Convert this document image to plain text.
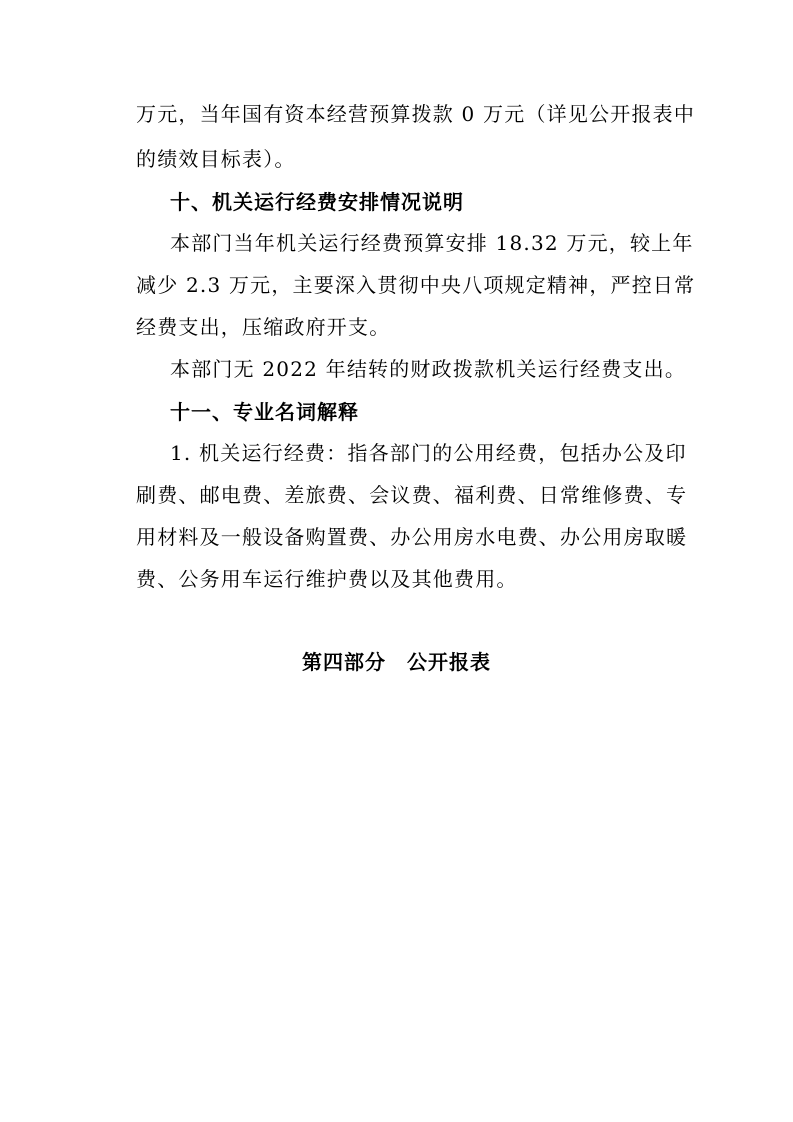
万元，当年国有资本经营预算拨款 0 万元（详见公开报表中
的绩效目标表）。
十、机关运行经费安排情况说明
本部门当年机关运行经费预算安排 18.32 万元，较上年
减少 2.3 万元，主要深入贯彻中央八项规定精神，严控日常
经费支出，压缩政府开支。
本部门无 2022 年结转的财政拨款机关运行经费支出。
十一、专业名词解释
1. 机关运行经费：指各部门的公用经费，包括办公及印
刷费、邮电费、差旅费、会议费、福利费、日常维修费、专
用材料及一般设备购置费、办公用房水电费、办公用房取暖
费、公务用车运行维护费以及其他费用。
第四部分　公开报表
